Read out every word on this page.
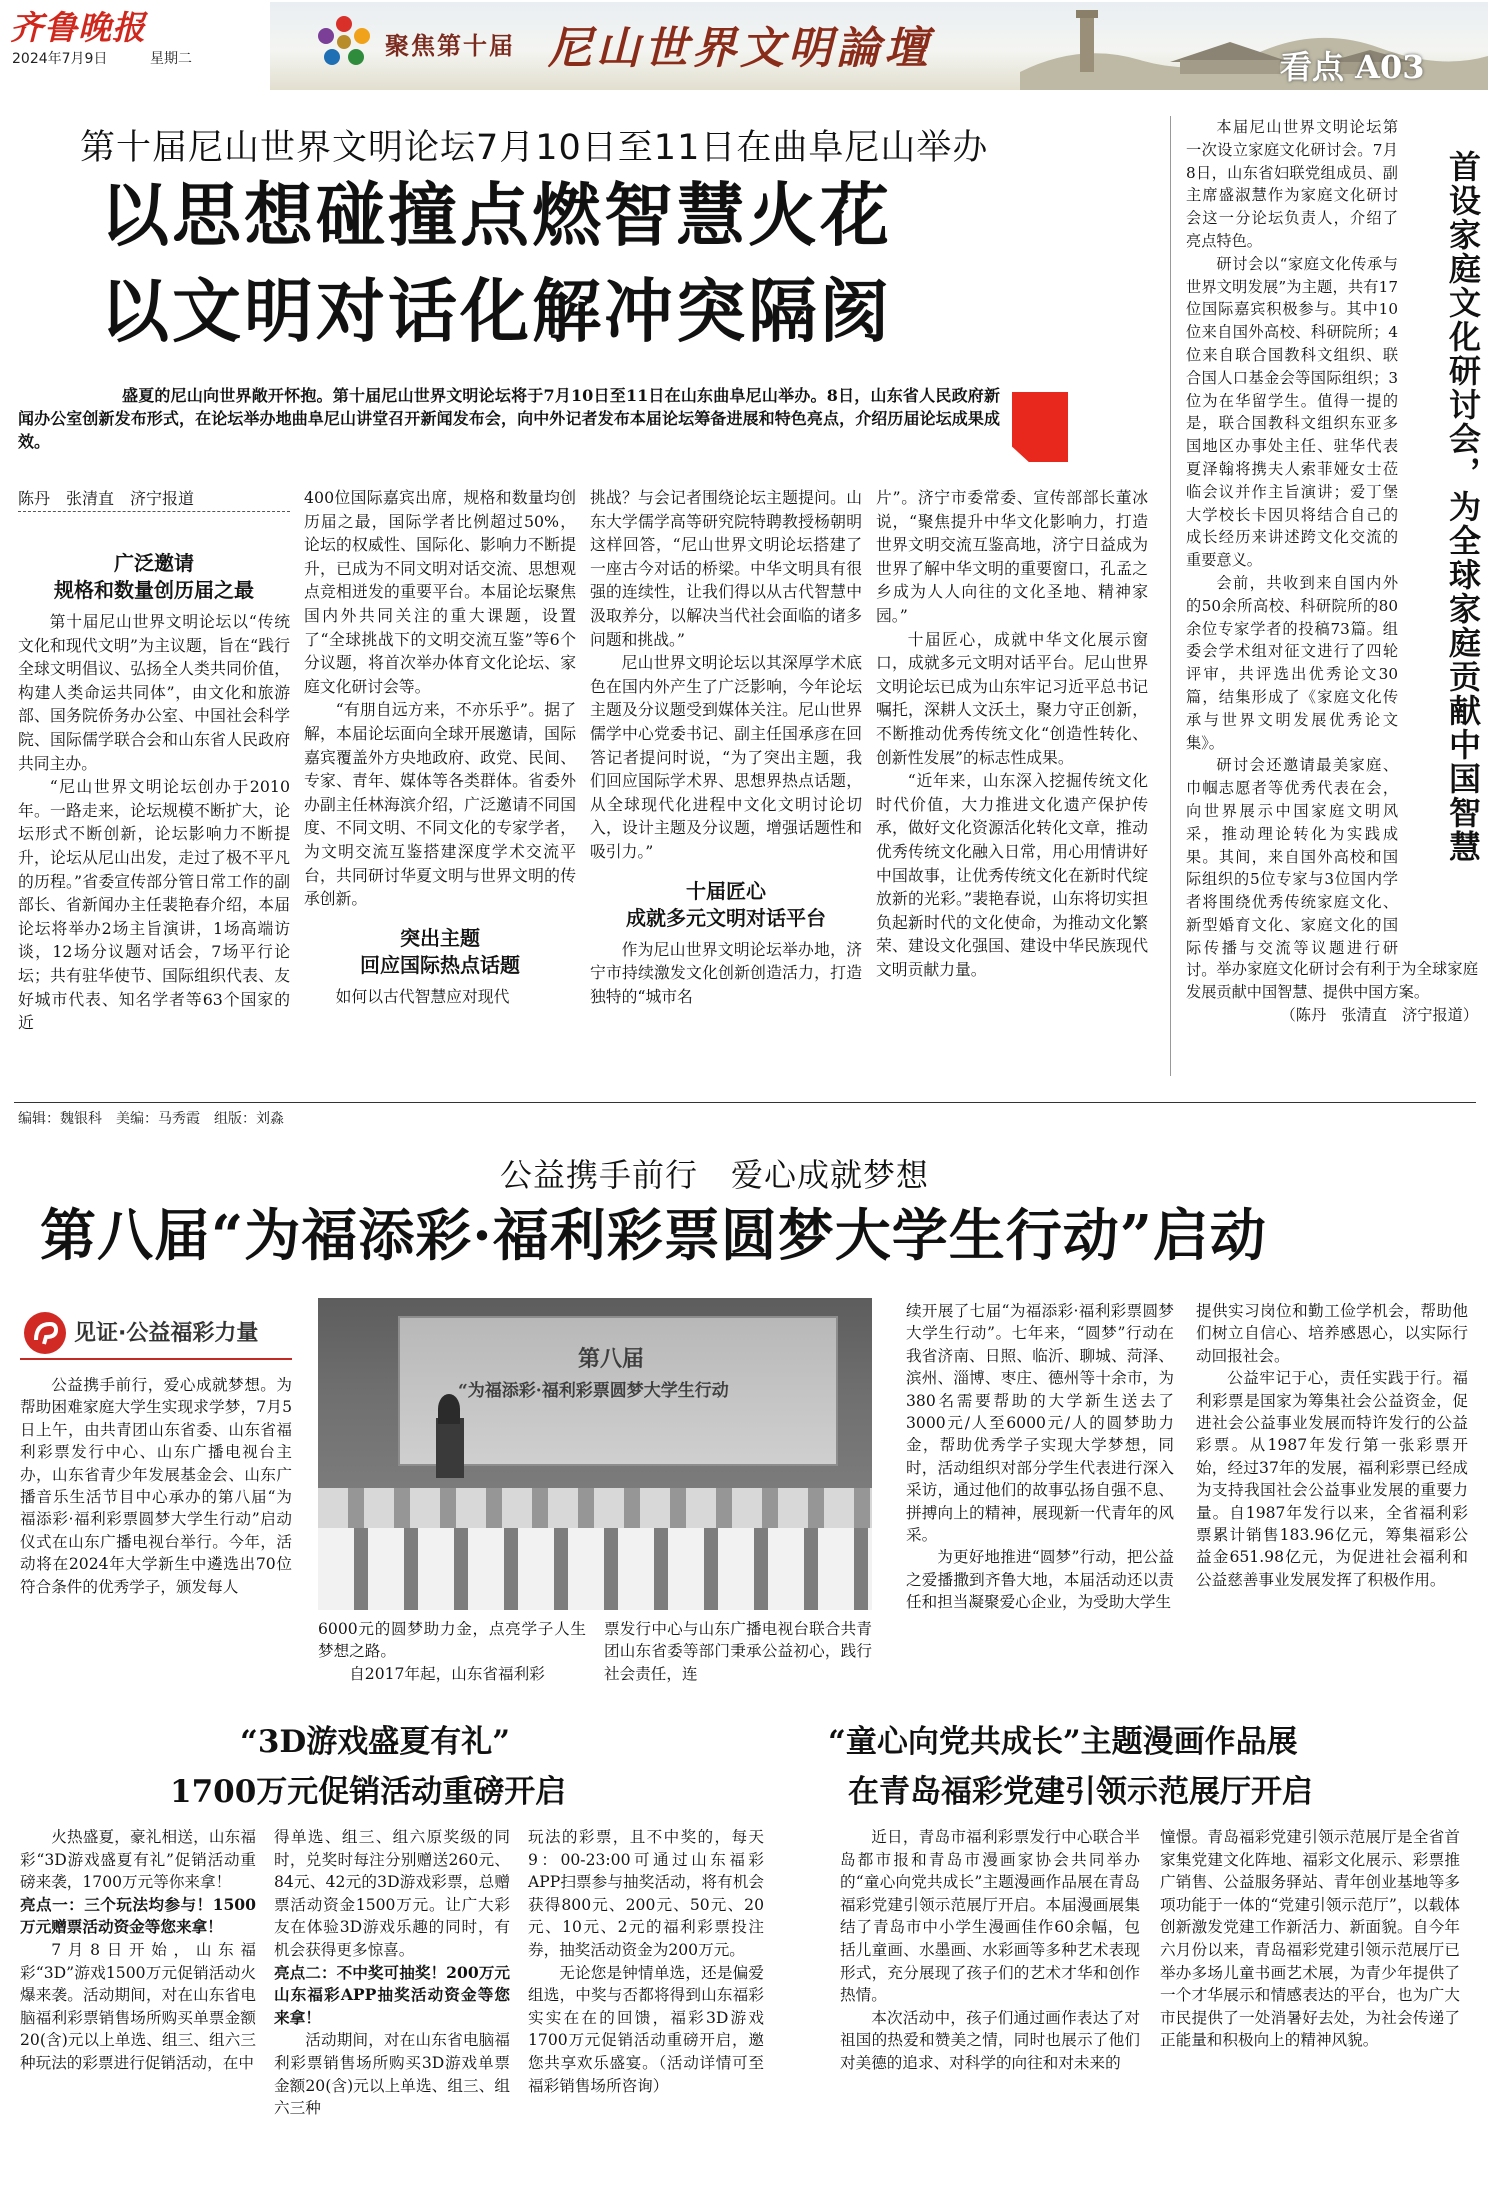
齐鲁晚报
2024年7月9日	星期二	聚焦第十届 尼山世界文明論壇	看点 A03
第十届尼山世界文明论坛7月10日至11日在曲阜尼山举办
以思想碰撞点燃智慧火花
以文明对话化解冲突隔阂
盛夏的尼山向世界敞开怀抱。第十届尼山世界文明论坛将于7月10日至11日在山东曲阜尼山举办。8日，山东省人民政府新闻办公室创新发布形式，在论坛举办地曲阜尼山讲堂召开新闻发布会，向中外记者发布本届论坛筹备进展和特色亮点，介绍历届论坛成果成效。
陈丹　张清直　济宁报道
广泛邀请
规格和数量创历届之最

第十届尼山世界文明论坛以“传统文化和现代文明”为主议题，旨在“践行全球文明倡议、弘扬全人类共同价值，构建人类命运共同体”，由文化和旅游部、国务院侨务办公室、中国社会科学院、国际儒学联合会和山东省人民政府共同主办。

“尼山世界文明论坛创办于2010年。一路走来，论坛规模不断扩大，论坛形式不断创新，论坛影响力不断提升，论坛从尼山出发，走过了极不平凡的历程。”省委宣传部分管日常工作的副部长、省新闻办主任裴艳春介绍，本届论坛将举办2场主旨演讲，1场高端访谈，12场分议题对话会，7场平行论坛；共有驻华使节、国际组织代表、友好城市代表、知名学者等63个国家的近

400位国际嘉宾出席，规格和数量均创历届之最，国际学者比例超过50%，论坛的权威性、国际化、影响力不断提升，已成为不同文明对话交流、思想观点竞相迸发的重要平台。本届论坛聚焦国内外共同关注的重大课题，设置了“全球挑战下的文明交流互鉴”等6个分议题，将首次举办体育文化论坛、家庭文化研讨会等。

“有朋自远方来，不亦乐乎”。据了解，本届论坛面向全球开展邀请，国际嘉宾覆盖外方央地政府、政党、民间、专家、青年、媒体等各类群体。省委外办副主任林海滨介绍，广泛邀请不同国度、不同文明、不同文化的专家学者，为文明交流互鉴搭建深度学术交流平台，共同研讨华夏文明与世界文明的传承创新。

突出主题
回应国际热点话题

如何以古代智慧应对现代

挑战？与会记者围绕论坛主题提问。山东大学儒学高等研究院特聘教授杨朝明这样回答，“尼山世界文明论坛搭建了一座古今对话的桥梁。中华文明具有很强的连续性，让我们得以从古代智慧中汲取养分，以解决当代社会面临的诸多问题和挑战。”

尼山世界文明论坛以其深厚学术底色在国内外产生了广泛影响，今年论坛主题及分议题受到媒体关注。尼山世界儒学中心党委书记、副主任国承彦在回答记者提问时说，“为了突出主题，我们回应国际学术界、思想界热点话题，从全球现代化进程中文化文明讨论切入，设计主题及分议题，增强话题性和吸引力。”

十届匠心
成就多元文明对话平台

作为尼山世界文明论坛举办地，济宁市持续激发文化创新创造活力，打造独特的“城市名

片”。济宁市委常委、宣传部部长董冰说，“聚焦提升中华文化影响力，打造世界文明交流互鉴高地，济宁日益成为世界了解中华文明的重要窗口，孔孟之乡成为人人向往的文化圣地、精神家园。”

十届匠心，成就中华文化展示窗口，成就多元文明对话平台。尼山世界文明论坛已成为山东牢记习近平总书记嘱托，深耕人文沃土，聚力守正创新，不断推动优秀传统文化“创造性转化、创新性发展”的标志性成果。

“近年来，山东深入挖掘传统文化时代价值，大力推进文化遗产保护传承，做好文化资源活化转化文章，推动优秀传统文化融入日常，用心用情讲好中国故事，让优秀传统文化在新时代绽放新的光彩。”裴艳春说，山东将切实担负起新时代的文化使命，为推动文化繁荣、建设文化强国、建设中华民族现代文明贡献力量。

首设家庭文化研讨会，为全球家庭贡献中国智慧

本届尼山世界文明论坛第一次设立家庭文化研讨会。7月8日，山东省妇联党组成员、副主席盛淑慧作为家庭文化研讨会这一分论坛负责人，介绍了亮点特色。

研讨会以“家庭文化传承与世界文明发展”为主题，共有17位国际嘉宾积极参与。其中10位来自国外高校、科研院所；4位来自联合国教科文组织、联合国人口基金会等国际组织；3位为在华留学生。值得一提的是，联合国教科文组织东亚多国地区办事处主任、驻华代表夏泽翰将携夫人索菲娅女士莅临会议并作主旨演讲；爱丁堡大学校长卡因贝将结合自己的成长经历来讲述跨文化交流的重要意义。

会前，共收到来自国内外的50余所高校、科研院所的80余位专家学者的投稿73篇。组委会学术组对征文进行了四轮评审，共评选出优秀论文30篇，结集形成了《家庭文化传承与世界文明发展优秀论文集》。

研讨会还邀请最美家庭、巾帼志愿者等优秀代表在会，向世界展示中国家庭文明风采，推动理论转化为实践成果。其间，来自国外高校和国际组织的5位专家与3位国内学者将围绕优秀传统家庭文化、新型婚育文化、家庭文化的国际传播与交流等议题进行研讨。 举办家庭文化研讨会有利于为全球家庭发展贡献中国智慧、提供中国方案。

（陈丹　张清直　济宁报道）

编辑：魏银科　美编：马秀霞　组版：刘淼
公益携手前行　爱心成就梦想
第八届“为福添彩·福利彩票圆梦大学生行动”启动
见证·公益福彩力量
第八届
“为福添彩·福利彩票圆梦大学生行动

公益携手前行，爱心成就梦想。为帮助困难家庭大学生实现求学梦，7月5日上午，由共青团山东省委、山东省福利彩票发行中心、山东广播电视台主办，山东省青少年发展基金会、山东广播音乐生活节目中心承办的第八届“为福添彩·福利彩票圆梦大学生行动”启动仪式在山东广播电视台举行。今年，活动将在2024年大学新生中遴选出70位符合条件的优秀学子，颁发每人

6000元的圆梦助力金，点亮学子人生梦想之路。

自2017年起，山东省福利彩

票发行中心与山东广播电视台联合共青团山东省委等部门秉承公益初心，践行社会责任，连

续开展了七届“为福添彩·福利彩票圆梦大学生行动”。七年来，“圆梦”行动在我省济南、日照、临沂、聊城、菏泽、滨州、淄博、枣庄、德州等十余市，为380名需要帮助的大学新生送去了3000元/人至6000元/人的圆梦助力金，帮助优秀学子实现大学梦想，同时，活动组织对部分学生代表进行深入采访，通过他们的故事弘扬自强不息、拼搏向上的精神，展现新一代青年的风采。

为更好地推进“圆梦”行动，把公益之爱播撒到齐鲁大地，本届活动还以责任和担当凝聚爱心企业，为受助大学生

提供实习岗位和勤工俭学机会，帮助他们树立自信心、培养感恩心，以实际行动回报社会。

公益牢记于心，责任实践于行。福利彩票是国家为筹集社会公益资金，促进社会公益事业发展而特许发行的公益彩票。从1987年发行第一张彩票开始，经过37年的发展，福利彩票已经成为支持我国社会公益事业发展的重要力量。自1987年发行以来，全省福利彩票累计销售183.96亿元，筹集福彩公益金651.98亿元，为促进社会福利和公益慈善事业发展发挥了积极作用。

“3D游戏盛夏有礼”
1700万元促销活动重磅开启

火热盛夏，豪礼相送，山东福彩“3D游戏盛夏有礼”促销活动重磅来袭，1700万元等你来拿！

亮点一：三个玩法均参与！1500万元赠票活动资金等您来拿！

7月8日开始，山东福彩“3D”游戏1500万元促销活动火爆来袭。活动期间，对在山东省电脑福利彩票销售场所购买单票金额20(含)元以上单选、组三、组六三种玩法的彩票进行促销活动，在中

得单选、组三、组六原奖级的同时，兑奖时每注分别赠送260元、84元、42元的3D游戏彩票，总赠票活动资金1500万元。让广大彩友在体验3D游戏乐趣的同时，有机会获得更多惊喜。

亮点二：不中奖可抽奖！200万元山东福彩APP抽奖活动资金等您来拿！

活动期间，对在山东省电脑福利彩票销售场所购买3D游戏单票金额20(含)元以上单选、组三、组六三种

玩法的彩票，且不中奖的，每天9：00-23:00可通过山东福彩APP扫票参与抽奖活动，将有机会获得800元、200元、50元、20元、10元、2元的福利彩票投注券，抽奖活动资金为200万元。

无论您是钟情单选，还是偏爱组选，中奖与否都将得到山东福彩实实在在的回馈，福彩3D游戏1700万元促销活动重磅开启，邀您共享欢乐盛宴。（活动详情可至福彩销售场所咨询）

“童心向党共成长”主题漫画作品展
在青岛福彩党建引领示范展厅开启

近日，青岛市福利彩票发行中心联合半岛都市报和青岛市漫画家协会共同举办的“童心向党共成长”主题漫画作品展在青岛福彩党建引领示范展厅开启。本届漫画展集结了青岛市中小学生漫画佳作60余幅，包括儿童画、水墨画、水彩画等多种艺术表现形式，充分展现了孩子们的艺术才华和创作热情。

本次活动中，孩子们通过画作表达了对祖国的热爱和赞美之情，同时也展示了他们对美德的追求、对科学的向往和对未来的

憧憬。青岛福彩党建引领示范展厅是全省首家集党建文化阵地、福彩文化展示、彩票推广销售、公益服务驿站、青年创业基地等多项功能于一体的“党建引领示范厅”，以载体创新激发党建工作新活力、新面貌。自今年六月份以来，青岛福彩党建引领示范展厅已举办多场儿童书画艺术展，为青少年提供了一个才华展示和情感表达的平台，也为广大市民提供了一处消暑好去处，为社会传递了正能量和积极向上的精神风貌。
